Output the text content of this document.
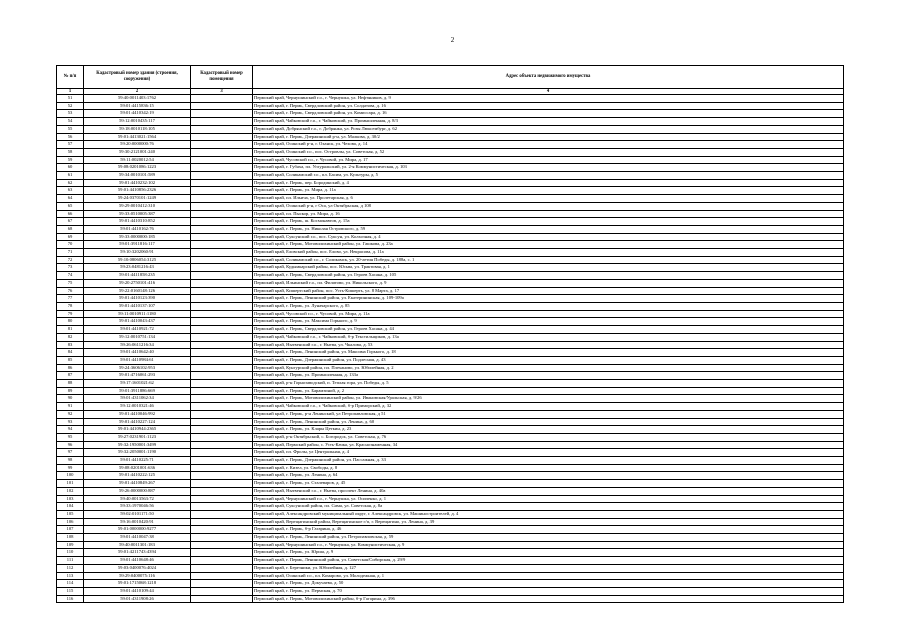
2
№ п/п	Кадастровый номер здания (строения, сооружения)	Кадастровый номер помещения	Адрес объекта недвижимого имущества
1	2	3	4
51	59:40:0011403:1762		Пермский край, Чернушинский г.о., г. Чернушка, ул. Нефтяников, д. 9
52	59:01:4415836:15		Пермский край, г. Пермь, Свердловский район, ул. Солдатова, д. 16
53	59:01:4410342:19		Пермский край, г. Пермь, Свердловский район, ул. Комиссара, д. 16
54	59:12:0010435:117		Пермский край, Чайковский г.о., г. Чайковский, ул. Промышленная, д. 8/3
55	59:18:0010118:105		Пермский край, Добрянский г.о., г. Добрянка, ул. Розы Люксембург, д. 62
56	59:01:4413021:1564		Пермский край, г. Пермь, Дзержинский р-н, ул. Малкова, д. 30/2
57	59:20:0000000:76		Пермский край, Осинский р-н, г. Оханск, ул. Чехова, д. 14
58	59:30:2121001:240		Пермский край, Осинский г.о., пос. Островлы, ул. Советская, д. 52
59	59:11:0020012:54		Пермский край, Чусовской г.о., г. Чусовой, ул. Мира, д. 17
60	59:08:0201086:1223		Пермский край, г. Губаха, пл. Углуральский, ул. 2-я Коммунистическая, д. 103
61	59:34:0010101:589		Пермский край, Соликамский г.о., пл. Басим, ул. Культуры, д. 5
62	59:01:4410232:102		Пермский край, г. Пермь, пер. Бородинский, д. 4
63	59:01:4410856:2326		Пермский край, г. Пермь, ул. Мира, д. 11а
64	59:24:0370101:1249		Пермский край, пл. Ильича, ул. Пролетарская, д. 6
65	59:29:0010412:310		Пермский край, Осинский р-н, г Оса, ул Октябрьская, д 108
66	59:33:0510005:387		Пермский край, пл. Пыскор, ул. Мира, д. 16
67	59:01:4410310:852		Пермский край, г. Пермь, ш. Космонавтов, д. 15а
68	59:01:4410162:76		Пермский край, г. Пермь, ул. Николая Островского, д. 59
69	59:33:0000000:185		Пермский край, Суксунский г.о., пос. Суксун, ул. Колхозная, д. 4
70	59:01:3911816:117		Пермский край, г. Пермь, Мотовилихинский район, ул. Гашкова, д. 23а
71	59:10:3202060:91		Пермский край, Еловский район, пос. Елово, ул. Некрасова, д. 11а
72	59:10:0806054:3125		Пермский край, Соликамский г.о., г. Соликамск, ул. 20-летия Победы, д. 188а, с. 1
73	59:23:0481216:43		Пермский край, Кудымкарский район, пос. Юсьва, ул. Трактовая, д. 1
74	59:01:4411858:235		Пермский край, г. Пермь, Свердловский район, ул. Героев Хасана, д. 105
75	59:20:2750101:416		Пермский край, Ильинский г.о., пл. Филатово, ул. Никольского, д. 9
76	59:22:0160148:126		Пермский край, Кишертский район, пос. Усть-Кишерть, ул. 8 Марта, д. 17
77	59:01:4410123:390		Пермский край, г. Пермь, Ленинский район, ул. Екатерининская, д. 109-109а
78	59:01:4410137:107		Пермский край, г. Пермь, ул. Луначарского, д. 85
79	59:11:0010911:1180		Пермский край, Чусовской г.о., г. Чусовой, ул. Мира, д. 11а
80	59:01:4410043:437		Пермский край, г. Пермь, ул. Максима Горького, д. 9
81	59:01:4410921:72		Пермский край, г. Пермь, Свердловский район, ул. Героев Хасана, д. 44
82	59:12:0010751:134		Пермский край, Чайковский г.о., г. Чайковский, б-р Текстильщиков, д. 13а
83	59:26:0611216:34		Пермский край, Нытвенский г.о., г. Нытва, ул. Чкалова, д. 53
84	59:01:4410642:40		Пермский край, г. Пермь, Ленинский район, ул. Максима Горького, д. 18
85	59:01:4410984:61		Пермский край, г. Пермь, Дзержинский район, ул. Подлесная, д. 43
86	59:24:3606102:953		Пермский край, Кунгурский район, пл. Плеханово, ул. Юбилейная, д. 2
87	59:01:4716061:293		Пермский край, г. Пермь, ул. Промышленная, д. 133а
88	59:17:1601021:62		Пермский край, р-н Горнозаводский, п. Теплая гора, ул. Победы, д. 5
89	59:01:3911886:669		Пермский край, г. Пермь, ул. Барамзиной, д. 2
90	59:01:4311062:34		Пермский край, г. Пермь, Мотовилихинский район, ул. Ивановская/Уральская, д. 9/26
91	59:12:0010321:46		Пермский край, Чайковский г.о., г. Чайковский, б-р Приморский, д. 32
92	59:01:4410046:992		Пермский край, г. Пермь, р-н Ленинский, ул Петропавловская, д 51
93	59:01:4410227:124		Пермский край, г. Пермь, Ленинский район, ул. Ленина, д. 60
94	59:01:4410944:2365		Пермский край, г. Пермь, ул. Клары Цеткин, д. 23
95	59:27:0231901:1123		Пермский край, р-н Октябрьский, с. Богородск, ул. Советская, д. 76
96	59:32:1950001:3499		Пермский край, Пермский район, с. Усть-Качка, ул. Краснознаменная, 34
97	59:32:2050001:1190		Пермский край, пл. Фролы, ул Центральная, д. 4
98	59:01:4410225:71		Пермский край, г. Пермь, Дзержинский район, ул. Пассажная, д. 33
99	59:08:0201001:636		Пермский край, г. Кизел, ул. Свободы, д. 8
100	59:01:4410222:125		Пермский край, г. Пермь, ул. Ленина, д. 64
101	59:01:4410849:267		Пермский край, г. Пермь, ул. Сталеваров, д. 45
102	59:26:0000000:887		Пермский край, Нытвенский г.о., г. Нытва, проспект Ленина, д. 40а
103	59:40:0013563:72		Пермский край, Чернушинский г.о., г. Чернушка, ул. Осипенко, д. 1
104	59:33:1970046:56		Пермский край, Суксунский район, пл. Сима, ул. Советская, д. 8а
105	59:02:0101171:50		Пермский край, Александровский муниципальный округ, г. Александровск, ул. Машиностроителей, д. 4
106	59:16:0010420:91		Пермский край, Верещагинский район, Верещагинское г/п, г. Верещагино, ул. Ленина, д. 39
107	59:01:0000000:9277		Пермский край, г. Пермь, б-р Гагарина, д. 46
108	59:01:4410047:38		Пермский край, г. Пермь, Ленинский район, ул. Петропавловская, д. 59
109	59:40:0011301:183		Пермский край, Чернушинский г.о., г. Чернушка, ул. Коммунистическая, д. 9
110	59:01:4211743:4394		Пермский край, г. Пермь, ул. Юрша, д. 9
111	59:01:4410648:46		Пермский край, г. Пермь, Ленинский район, ул. Советская/Сибирская, д. 29/9
112	59:03:0400076:4024		Пермский край, г. Березники, ул. Юбилейная, д. 127
113	59:29:0400075:116		Пермский край, Осинский г.о., пл. Комарово, ул. Молодежная, д. 1
114	59:01:1715068:1218		Пермский край, г. Пермь, ул. Докучаева, д. 50
115	59:01:4410109:44		Пермский край, г. Пермь, ул. Пермская, д. 70
116	59:01:4311908:26		Пермский край, г. Пермь, Мотовилихинский район, б-р Гагарина, д. 396
